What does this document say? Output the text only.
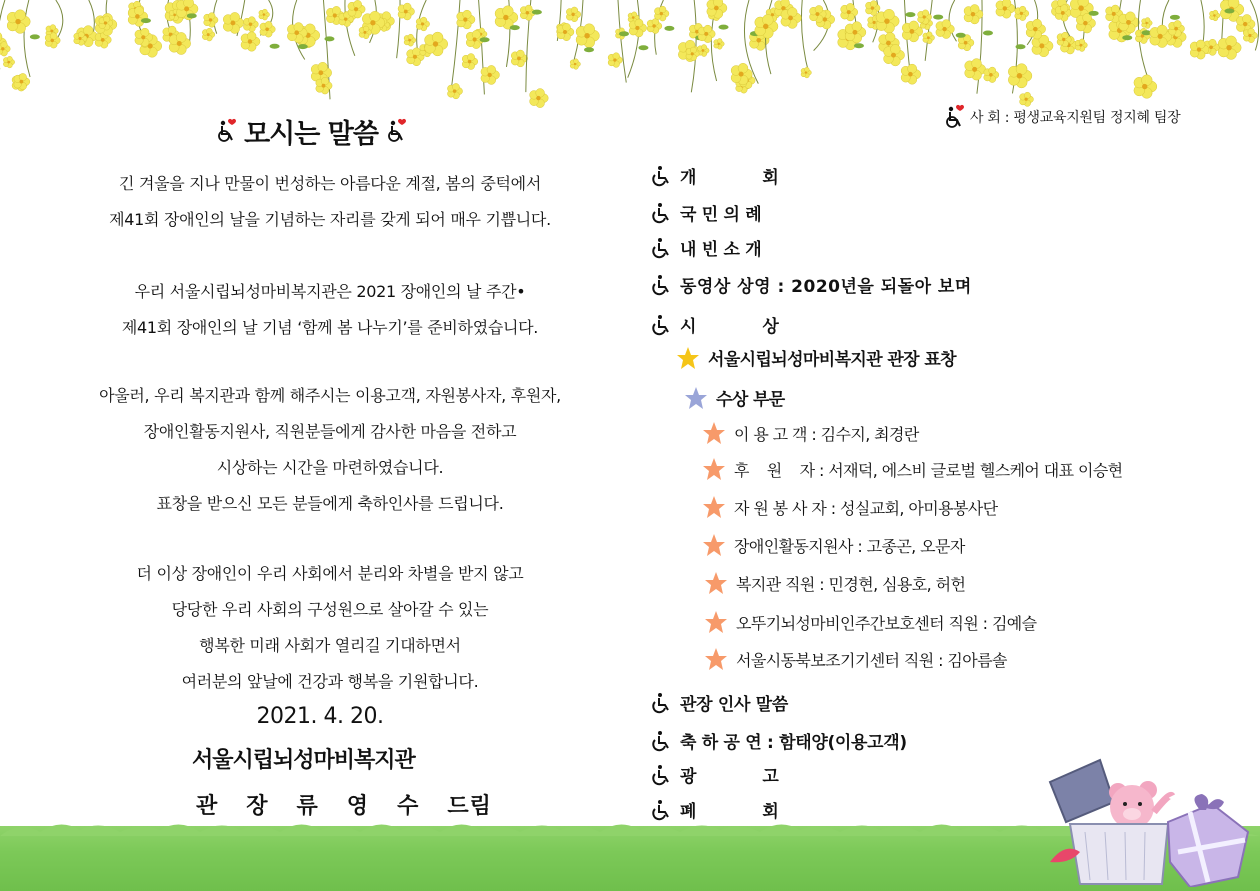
모시는 말씀
긴 겨울을 지나 만물이 번성하는 아름다운 계절, 봄의 중턱에서
제41회 장애인의 날을 기념하는 자리를 갖게 되어 매우 기쁩니다.
우리 서울시립뇌성마비복지관은 2021 장애인의 날 주간•
제41회 장애인의 날 기념 ‘함께 봄 나누기’를 준비하였습니다.
아울러, 우리 복지관과 함께 해주시는 이용고객, 자원봉사자, 후원자,
장애인활동지원사, 직원분들에게 감사한 마음을 전하고
시상하는 시간을 마련하였습니다.
표창을 받으신 모든 분들에게 축하인사를 드립니다.
더 이상 장애인이 우리 사회에서 분리와 차별을 받지 않고
당당한 우리 사회의 구성원으로 살아갈 수 있는
행복한 미래 사회가 열리길 기대하면서
여러분의 앞날에 건강과 행복을 기원합니다.
2021. 4. 20.
서울시립뇌성마비복지관
관 장 류 영 수 드림
사 회 : 평생교육지원팀 정지혜 팀장
개 회
국 민 의 례
내 빈 소 개
동영상 상영 : 2020년을 되돌아 보며
시 상
서울시립뇌성마비복지관 관장 표창
수상 부문
이 용 고 객 : 김수지, 최경란
후    원    자 : 서재덕, 에스비 글로벌 헬스케어 대표 이승현
자 원 봉 사 자 : 성실교회, 아미용봉사단
장애인활동지원사 : 고종곤, 오문자
복지관 직원 : 민경현, 심용호, 허헌
오뚜기뇌성마비인주간보호센터 직원 : 김예슬
서울시동북보조기기센터 직원 : 김아름솔
관장 인사 말씀
축 하 공 연 : 함태양(이용고객)
광 고
폐 회
